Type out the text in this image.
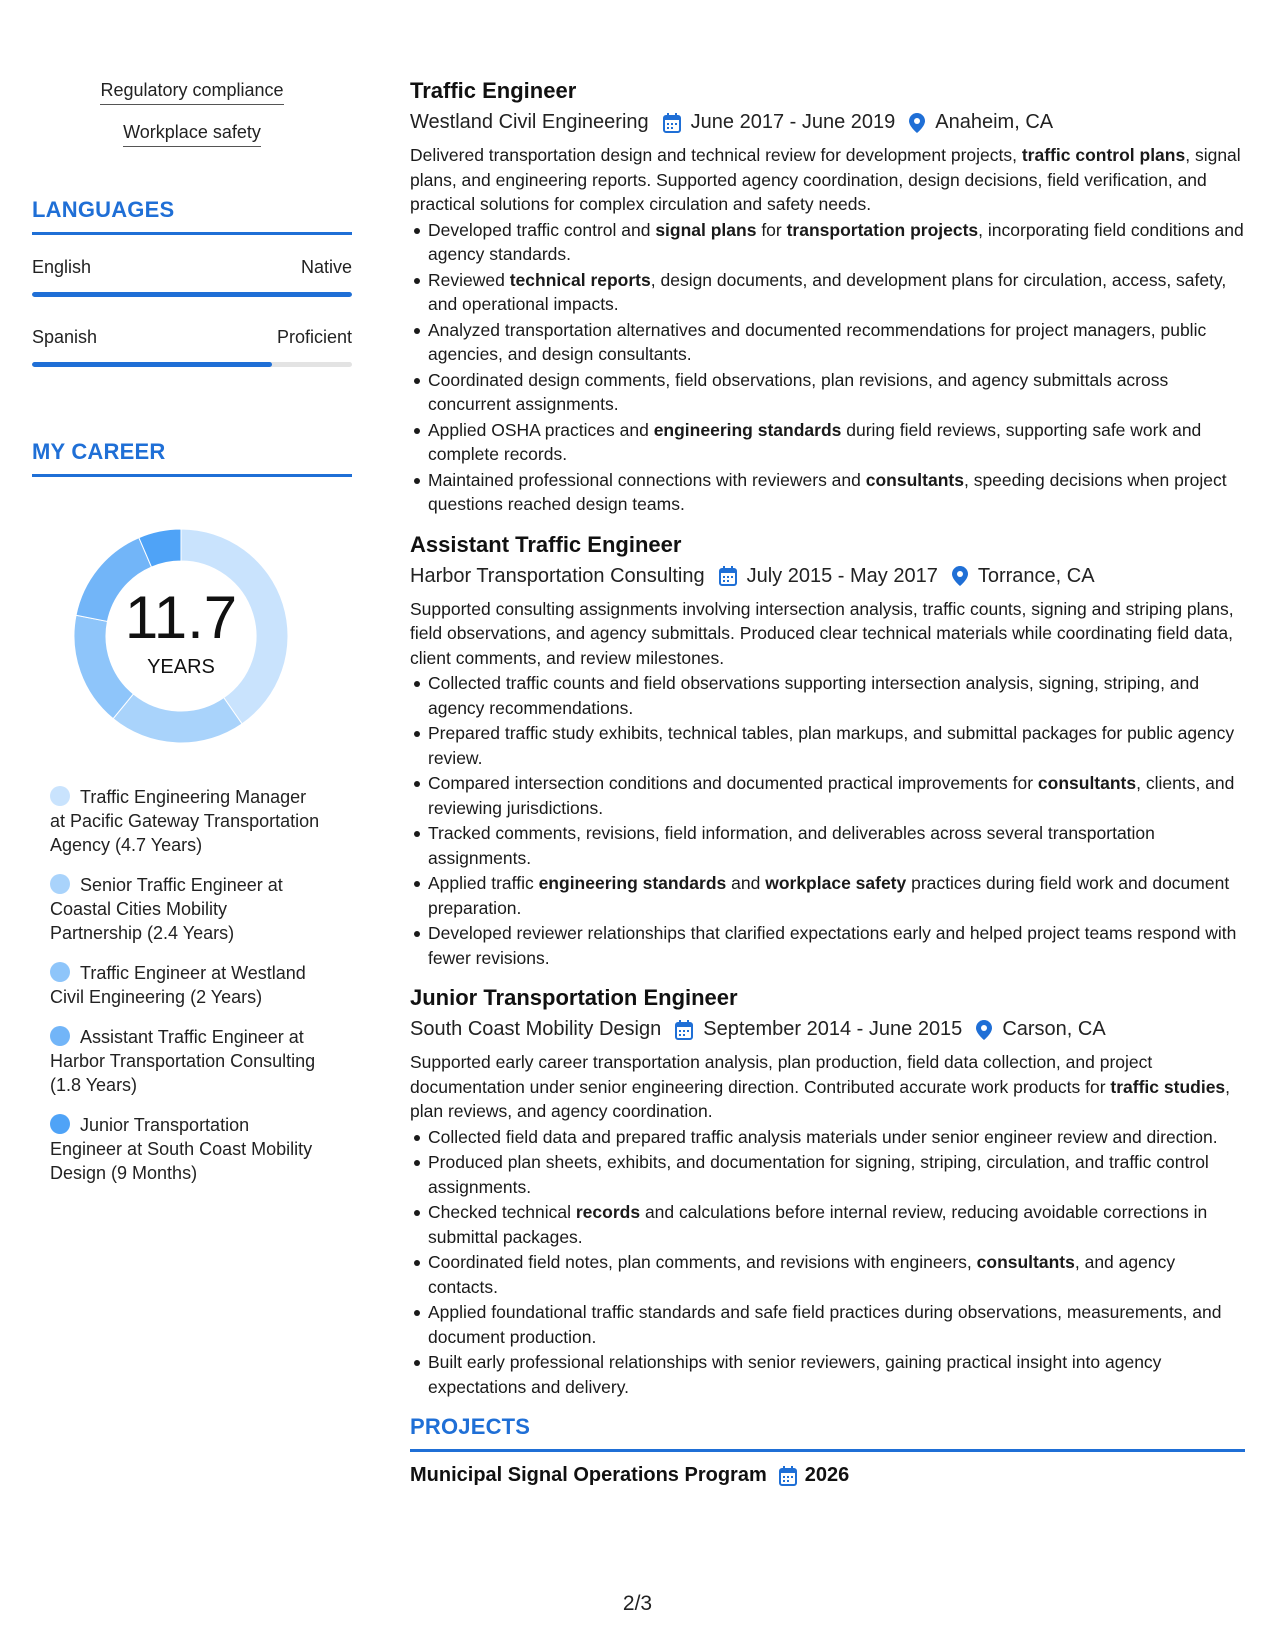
Regulatory compliance
Workplace safety
LANGUAGES
English	Native
Spanish	Proficient
MY CAREER
11.7
YEARS
Traffic Engineering Manager at Pacific Gateway Transportation Agency (4.7 Years)
Senior Traffic Engineer at Coastal Cities Mobility Partnership (2.4 Years)
Traffic Engineer at Westland Civil Engineering (2 Years)
Assistant Traffic Engineer at Harbor Transportation Consulting (1.8 Years)
Junior Transportation Engineer at South Coast Mobility Design (9 Months)
Traffic Engineer
Westland Civil Engineering June 2017 - June 2019 Anaheim, CA
Delivered transportation design and technical review for development projects, traffic control plans, signal plans, and engineering reports. Supported agency coordination, design decisions, field verification, and practical solutions for complex circulation and safety needs.
Developed traffic control and signal plans for transportation projects, incorporating field conditions and agency standards.
Reviewed technical reports, design documents, and development plans for circulation, access, safety, and operational impacts.
Analyzed transportation alternatives and documented recommendations for project managers, public agencies, and design consultants.
Coordinated design comments, field observations, plan revisions, and agency submittals across concurrent assignments.
Applied OSHA practices and engineering standards during field reviews, supporting safe work and complete records.
Maintained professional connections with reviewers and consultants, speeding decisions when project questions reached design teams.
Assistant Traffic Engineer
Harbor Transportation Consulting July 2015 - May 2017 Torrance, CA
Supported consulting assignments involving intersection analysis, traffic counts, signing and striping plans, field observations, and agency submittals. Produced clear technical materials while coordinating field data, client comments, and review milestones.
Collected traffic counts and field observations supporting intersection analysis, signing, striping, and agency recommendations.
Prepared traffic study exhibits, technical tables, plan markups, and submittal packages for public agency review.
Compared intersection conditions and documented practical improvements for consultants, clients, and reviewing jurisdictions.
Tracked comments, revisions, field information, and deliverables across several transportation assignments.
Applied traffic engineering standards and workplace safety practices during field work and document preparation.
Developed reviewer relationships that clarified expectations early and helped project teams respond with fewer revisions.
Junior Transportation Engineer
South Coast Mobility Design September 2014 - June 2015 Carson, CA
Supported early career transportation analysis, plan production, field data collection, and project documentation under senior engineering direction. Contributed accurate work products for traffic studies, plan reviews, and agency coordination.
Collected field data and prepared traffic analysis materials under senior engineer review and direction.
Produced plan sheets, exhibits, and documentation for signing, striping, circulation, and traffic control assignments.
Checked technical records and calculations before internal review, reducing avoidable corrections in submittal packages.
Coordinated field notes, plan comments, and revisions with engineers, consultants, and agency contacts.
Applied foundational traffic standards and safe field practices during observations, measurements, and document production.
Built early professional relationships with senior reviewers, gaining practical insight into agency expectations and delivery.
PROJECTS
Municipal Signal Operations Program 2026
2/3
